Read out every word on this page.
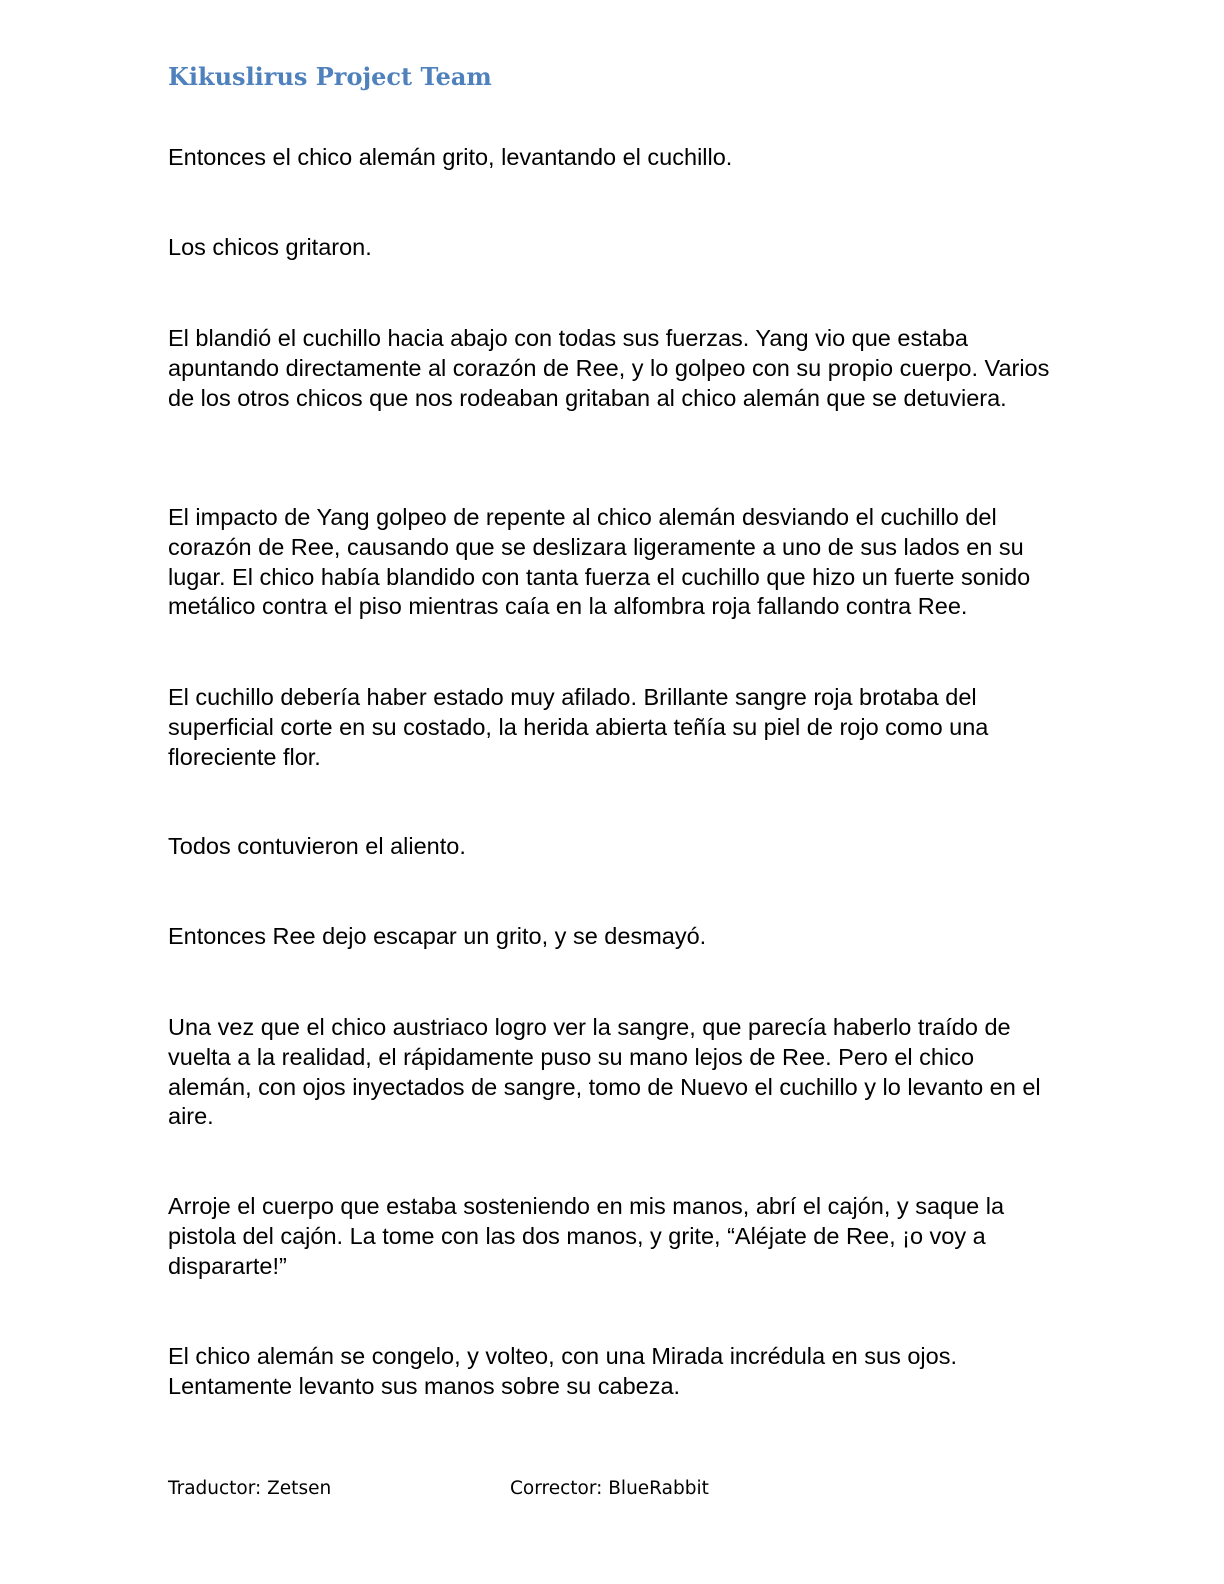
Kikuslirus Project Team

Entonces el chico alemán grito, levantando el cuchillo.

Los chicos gritaron.

El blandió el cuchillo hacia abajo con todas sus fuerzas. Yang vio que estaba apuntando directamente al corazón de Ree, y lo golpeo con su propio cuerpo. Varios de los otros chicos que nos rodeaban gritaban al chico alemán que se detuviera.

El impacto de Yang golpeo de repente al chico alemán desviando el cuchillo del corazón de Ree, causando que se deslizara ligeramente a uno de sus lados en su lugar. El chico había blandido con tanta fuerza el cuchillo que hizo un fuerte sonido metálico contra el piso mientras caía en la alfombra roja fallando contra Ree.

El cuchillo debería haber estado muy afilado. Brillante sangre roja brotaba del superficial corte en su costado, la herida abierta teñía su piel de rojo como una floreciente flor.

Todos contuvieron el aliento.

Entonces Ree dejo escapar un grito, y se desmayó.

Una vez que el chico austriaco logro ver la sangre, que parecía haberlo traído de vuelta a la realidad, el rápidamente puso su mano lejos de Ree. Pero el chico alemán, con ojos inyectados de sangre, tomo de Nuevo el cuchillo y lo levanto en el aire.

Arroje el cuerpo que estaba sosteniendo en mis manos, abrí el cajón, y saque la pistola del cajón. La tome con las dos manos, y grite, “Aléjate de Ree, ¡o voy a dispararte!”

El chico alemán se congelo, y volteo, con una Mirada incrédula en sus ojos. Lentamente levanto sus manos sobre su cabeza.

Traductor: Zetsen	Corrector: BlueRabbit
